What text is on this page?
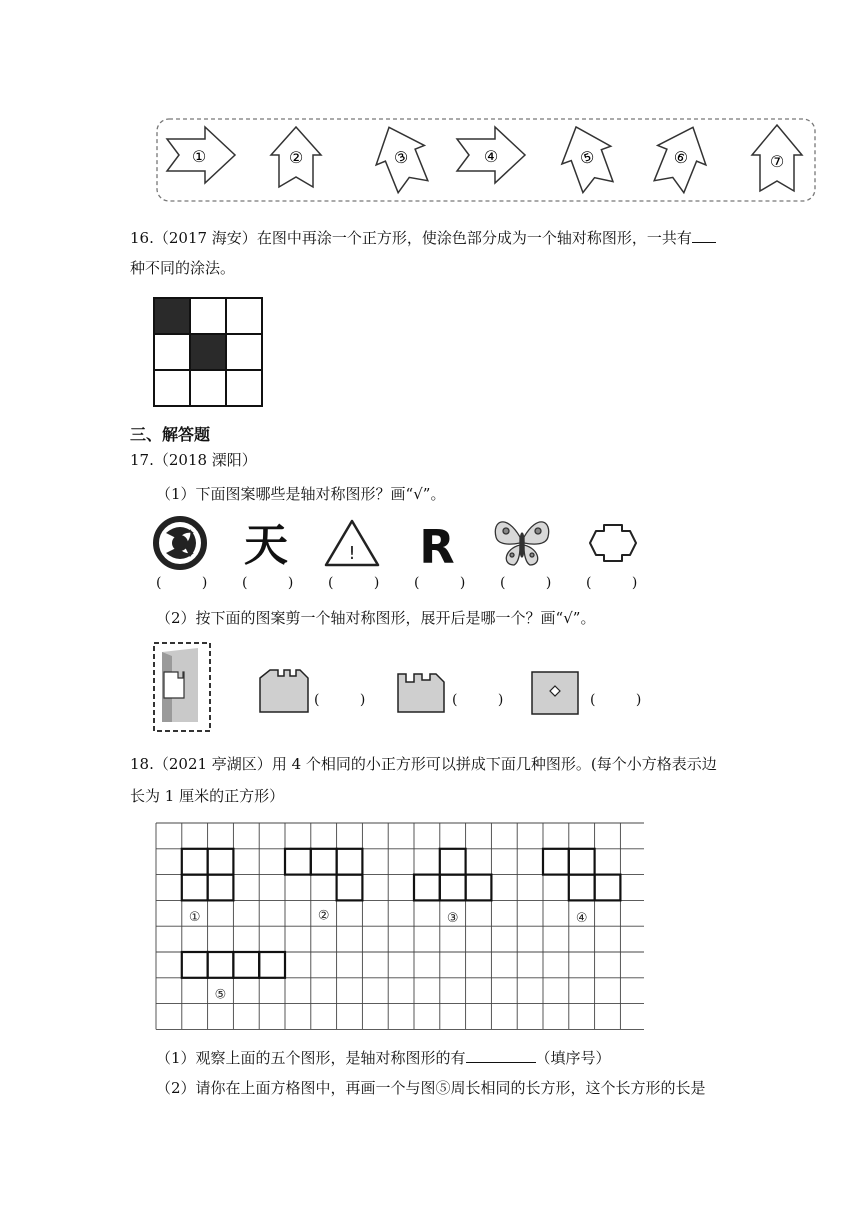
①	②	③	④	⑤	⑥	⑦
16.（2017 海安）在图中再涂一个正方形，使涂色部分成为一个轴对称图形，一共有
种不同的涂法。
三、解答题
17.（2018 溧阳）
（1）下面图案哪些是轴对称图形？画“√”。
天	! R
( ) ( ) ( ) ( ) ( ) ( )
（2）按下面的图案剪一个轴对称图形，展开后是哪一个？画“√”。
( )	( )	( )
18.（2021 亭湖区）用 4 个相同的小正方形可以拼成下面几种图形。(每个小方格表示边
长为 1 厘米的正方形）
①	②	③	④
⑤
（1）观察上面的五个图形，是轴对称图形的有	（填序号）
（2）请你在上面方格图中，再画一个与图⑤周长相同的长方形，这个长方形的长是
